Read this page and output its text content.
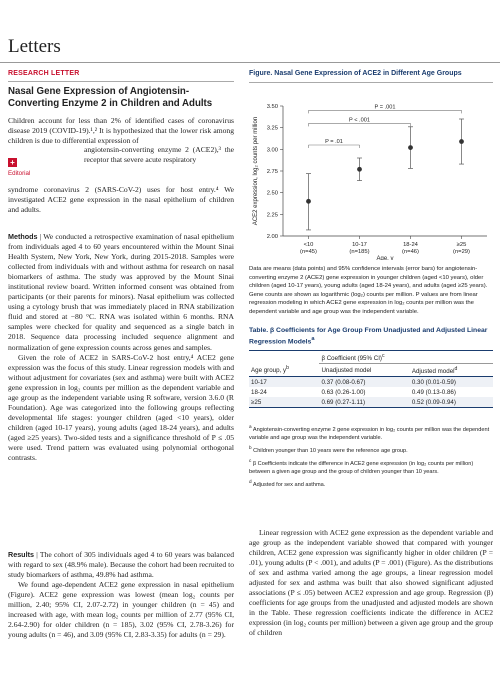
Letters
RESEARCH LETTER
Nasal Gene Expression of Angiotensin-Converting Enzyme 2 in Children and Adults

Children account for less than 2% of identified cases of coronavirus disease 2019 (COVID-19).¹,² It is hypothesized that the lower risk among children is due to differential expression of

angiotensin-converting enzyme 2 (ACE2),³ the receptor that severe acute respiratory

syndrome coronavirus 2 (SARS-CoV-2) uses for host entry.⁴ We investigated ACE2 gene expression in the nasal epithelium of children and adults.

+
Editorial

Methods | We conducted a retrospective examination of nasal epithelium from individuals aged 4 to 60 years encountered within the Mount Sinai Health System, New York, New York, during 2015-2018. Samples were collected from individuals with and without asthma for research on nasal biomarkers of asthma. The study was approved by the Mount Sinai institutional review board. Written informed consent was obtained from participants (or their parents for minors). Nasal epithelium was collected using a cytology brush that was immediately placed in RNA stabilization fluid and stored at −80 °C. RNA was isolated within 6 months. RNA samples were checked for quality and sequenced as a single batch in 2018. Sequence data processing included sequence alignment and normalization of gene expression counts across genes and samples.

Given the role of ACE2 in SARS-CoV-2 host entry,⁴ ACE2 gene expression was the focus of this study. Linear regression models with and without adjustment for covariates (sex and asthma) were built with ACE2 gene expression in log₂ counts per million as the dependent variable and age group as the independent variable using R software, version 3.6.0 (R Foundation). Age was categorized into the following groups reflecting developmental life stages: younger children (aged <10 years), older children (aged 10-17 years), young adults (aged 18-24 years), and adults (aged ≥25 years). Two-sided tests and a significance threshold of P ≤ .05 were used. Trend pattern was evaluated using polynomial orthogonal contrasts.

Results | The cohort of 305 individuals aged 4 to 60 years was balanced with regard to sex (48.9% male). Because the cohort had been recruited to study biomarkers of asthma, 49.8% had asthma.

We found age-dependent ACE2 gene expression in nasal epithelium (Figure). ACE2 gene expression was lowest (mean log₂ counts per million, 2.40; 95% CI, 2.07-2.72) in younger children (n = 45) and increased with age, with mean log₂ counts per million of 2.77 (95% CI, 2.64-2.90) for older children (n = 185), 3.02 (95% CI, 2.78-3.26) for young adults (n = 46), and 3.09 (95% CI, 2.83-3.35) for adults (n = 29).

Figure. Nasal Gene Expression of ACE2 in Different Age Groups
2.00
2.25
2.50
2.75
3.00
3.25
3.50
<10
(n=45)
10-17
(n=185)
18-24
(n=46)
≥25
(n=29)
P = .01
P < .001
P = .001
ACE2 expression, log₂ counts per million
Age, y
Data are means (data points) and 95% confidence intervals (error bars) for angiotensin-converting enzyme 2 (ACE2) gene expression in younger children (aged <10 years), older children (aged 10-17 years), young adults (aged 18-24 years), and adults (aged ≥25 years). Gene counts are shown as logarithmic (log₂) counts per million. P values are from linear regression modeling in which ACE2 gene expression in log₂ counts per million was the dependent variable and age group was the independent variable.
Table. β Coefficients for Age Group From Unadjusted and Adjusted Linear Regression Models$^a$
	β Coefficient (95% CI)$^c$
Age group, $y^b$	Unadjusted model	Adjusted model$^d$
10-17	0.37 (0.08-0.67)	0.30 (0.01-0.59)
18-24	0.63 (0.26-1.00)	0.49 (0.13-0.86)
≥25	0.69 (0.27-1.11)	0.52 (0.09-0.94)

$^a$ Angiotensin-converting enzyme 2 gene expression in log₂ counts per million was the dependent variable and age group was the independent variable.

$^b$ Children younger than 10 years were the reference age group.

$^c$ β Coefficients indicate the difference in ACE2 gene expression (in log₂ counts per million) between a given age group and the group of children younger than 10 years.

$^d$ Adjusted for sex and asthma.

Linear regression with ACE2 gene expression as the dependent variable and age group as the independent variable showed that compared with younger children, ACE2 gene expression was significantly higher in older children (P = .01), young adults (P < .001), and adults (P = .001) (Figure). As the distributions of sex and asthma varied among the age groups, a linear regression model adjusted for sex and asthma was built that also showed significant adjusted associations (P ≤ .05) between ACE2 expression and age group. Regression (β) coefficients for age groups from the unadjusted and adjusted models are shown in the Table. These regression coefficients indicate the difference in ACE2 expression (in log₂ counts per million) between a given age group and the group of children
